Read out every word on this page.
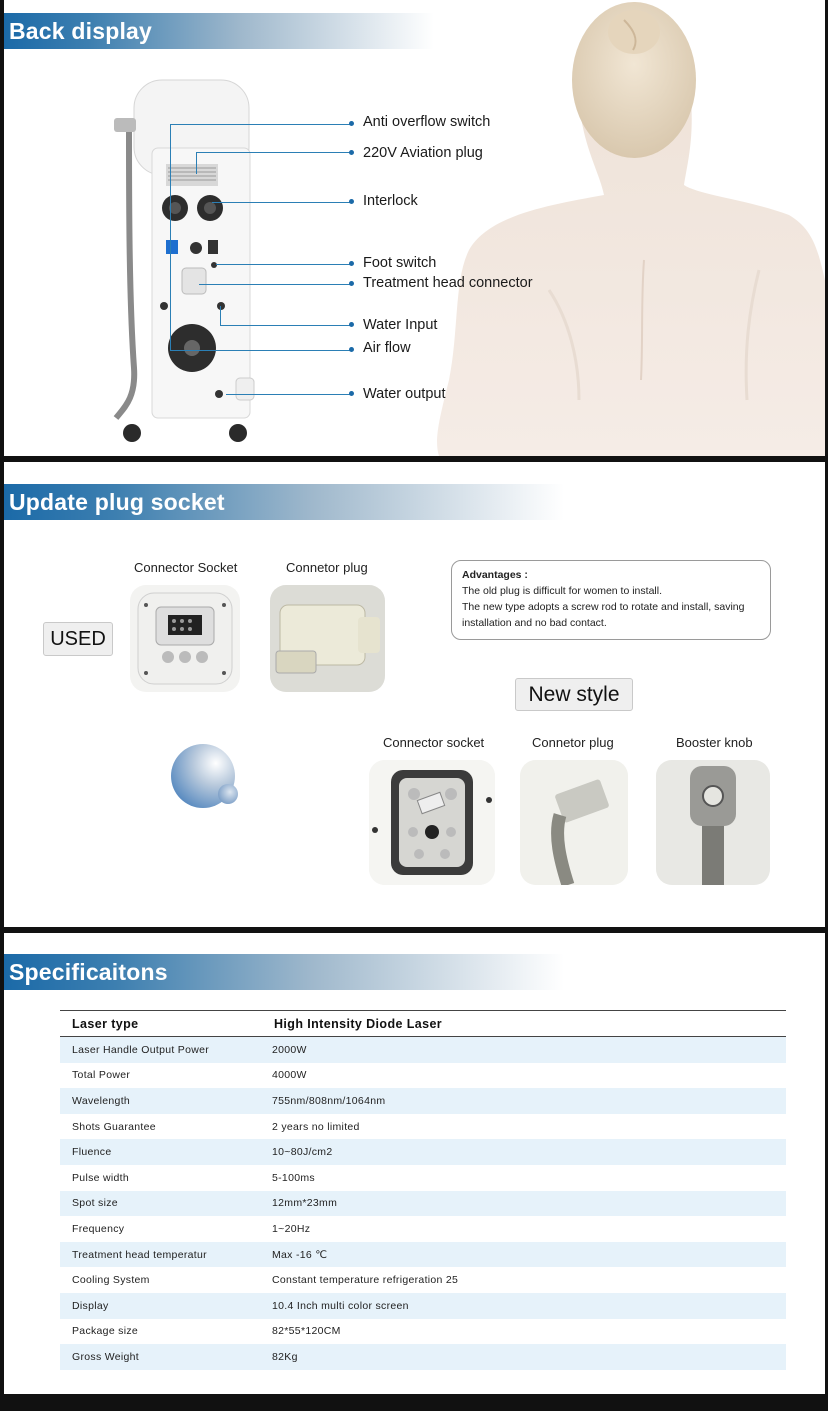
Back display
Anti overflow switch
220V Aviation plug
Interlock
Foot switch
Treatment head connector
Water Input
Air flow
Water output
Update plug socket
Connector Socket	Connetor plug
USED
Advantages :
The old plug is difficult for women to install.
The new type adopts a screw rod to rotate and install, saving installation and no bad contact.
New style
Connector socket	Connetor plug	Booster knob
Specificaitons
Laser type	High Intensity Diode Laser
Laser Handle Output Power	2000W
Total Power	4000W
Wavelength	755nm/808nm/1064nm
Shots Guarantee	2 years no limited
Fluence	10~80J/cm2
Pulse width	5-100ms
Spot size	12mm*23mm
Frequency	1~20Hz
Treatment head temperatur	Max -16 ℃
Cooling System	Constant temperature refrigeration 25
Display	10.4 Inch multi color screen
Package size	82*55*120CM
Gross Weight	82Kg
